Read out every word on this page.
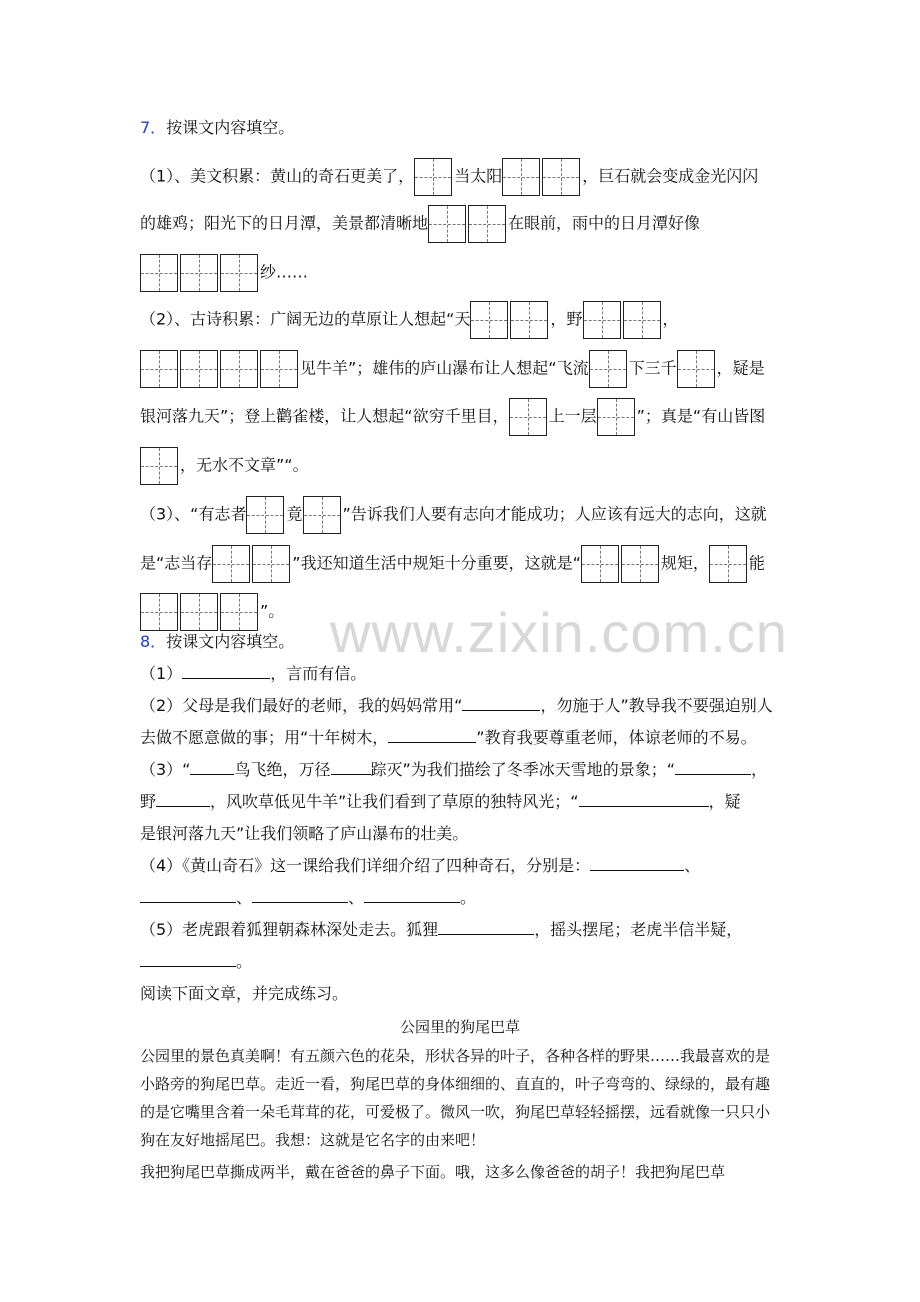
www.zixin.com.cn
7．按课文内容填空。
（1）、美文积累：黄山的奇石更美了，	当太阳	，巨石就会变成金光闪闪
的雄鸡；阳光下的日月潭，美景都清晰地	在眼前，雨中的日月潭好像
纱……
（2）、古诗积累：广阔无边的草原让人想起“天	，野	，
见牛羊”；雄伟的庐山瀑布让人想起“飞流	下三千	，疑是
银河落九天”；登上鹳雀楼，让人想起“欲穷千里目，	上一层	”；真是“有山皆图
，无水不文章”“。
（3）、“有志者	竟	”告诉我们人要有志向才能成功；人应该有远大的志向，这就
是“志当存	”我还知道生活中规矩十分重要，这就是“	规矩，	能
”。
8．按课文内容填空。
（1）	，言而有信。
（2）父母是我们最好的老师，我的妈妈常用“	，勿施于人”教导我不要强迫别人
去做不愿意做的事；用“十年树木，	”教育我要尊重老师，体谅老师的不易。
（3）“	鸟飞绝，万径	踪灭”为我们描绘了冬季冰天雪地的景象；“	，
野	，风吹草低见牛羊”让我们看到了草原的独特风光；“	，疑
是银河落九天”让我们领略了庐山瀑布的壮美。
（4）《黄山奇石》这一课给我们详细介绍了四种奇石，分别是：	、
、	、	。
（5）老虎跟着狐狸朝森林深处走去。狐狸	，摇头摆尾；老虎半信半疑，
。
阅读下面文章，并完成练习。
公园里的狗尾巴草
公园里的景色真美啊！有五颜六色的花朵，形状各异的叶子，各种各样的野果……我最喜欢的是小路旁的狗尾巴草。走近一看，狗尾巴草的身体细细的、直直的，叶子弯弯的、绿绿的，最有趣的是它嘴里含着一朵毛茸茸的花，可爱极了。微风一吹，狗尾巴草轻轻摇摆，远看就像一只只小狗在友好地摇尾巴。我想：这就是它名字的由来吧！
我把狗尾巴草撕成两半，戴在爸爸的鼻子下面。哦，这多么像爸爸的胡子！我把狗尾巴草
